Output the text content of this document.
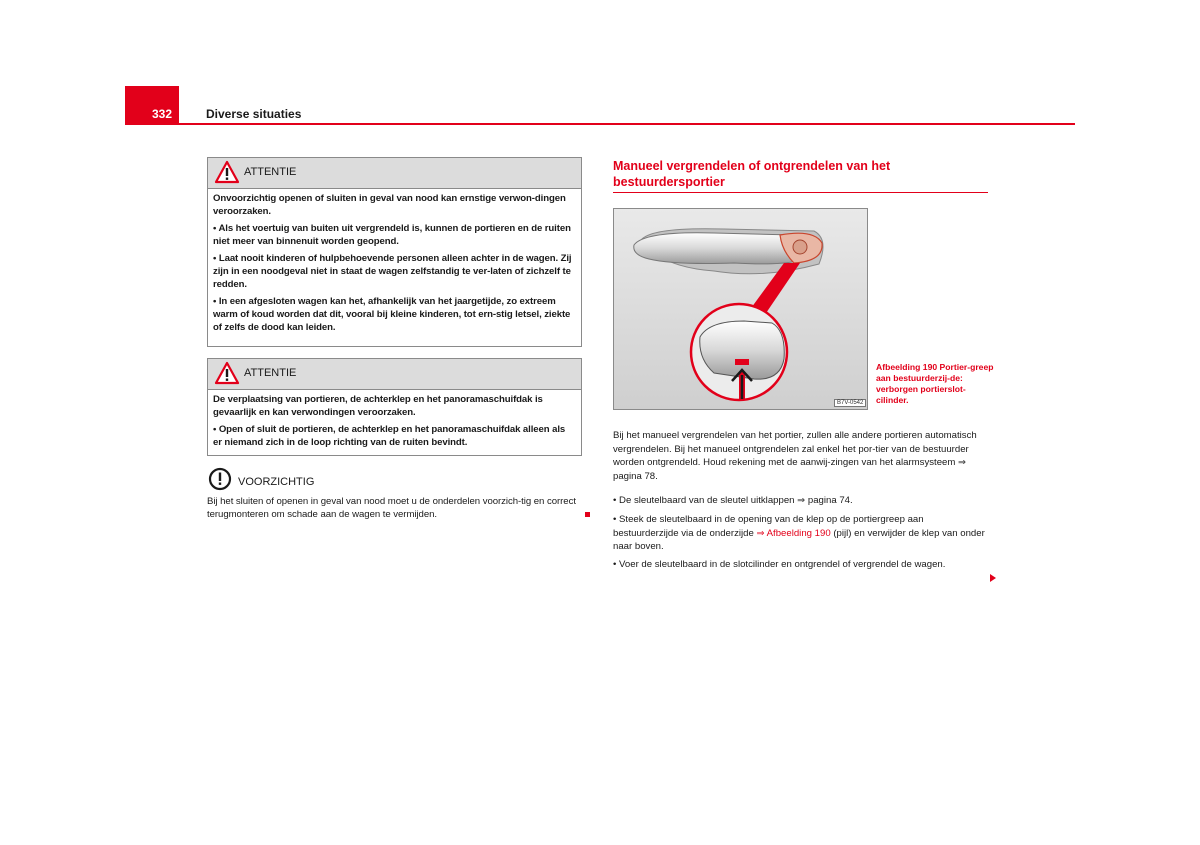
332	Diverse situaties
ATTENTIE

Onvoorzichtig openen of sluiten in geval van nood kan ernstige verwon-dingen veroorzaken.

• Als het voertuig van buiten uit vergrendeld is, kunnen de portieren en de ruiten niet meer van binnenuit worden geopend.

• Laat nooit kinderen of hulpbehoevende personen alleen achter in de wagen. Zij zijn in een noodgeval niet in staat de wagen zelfstandig te ver-laten of zichzelf te redden.

• In een afgesloten wagen kan het, afhankelijk van het jaargetijde, zo extreem warm of koud worden dat dit, vooral bij kleine kinderen, tot ern-stig letsel, ziekte of zelfs de dood kan leiden.

ATTENTIE

De verplaatsing van portieren, de achterklep en het panoramaschuifdak is gevaarlijk en kan verwondingen veroorzaken.

• Open of sluit de portieren, de achterklep en het panoramaschuifdak alleen als er niemand zich in de loop richting van de ruiten bevindt.

VOORZICHTIG
Bij het sluiten of openen in geval van nood moet u de onderdelen voorzich-tig en correct terugmonteren om schade aan de wagen te vermijden.
Manueel vergrendelen of ontgrendelen van het bestuurdersportier
B7V-0542
Afbeelding 190 Portier-greep aan bestuurderzij-de: verborgen portierslot-cilinder.
Bij het manueel vergrendelen van het portier, zullen alle andere portieren automatisch vergrendelen. Bij het manueel ontgrendelen zal enkel het por-tier van de bestuurder worden ontgrendeld. Houd rekening met de aanwij-zingen van het alarmsysteem ⇒ pagina 78.
• De sleutelbaard van de sleutel uitklappen ⇒ pagina 74.
• Steek de sleutelbaard in de opening van de klep op de portiergreep aan bestuurderzijde via de onderzijde ⇒ Afbeelding 190 (pijl) en verwijder de klep van onder naar boven.
• Voer de sleutelbaard in de slotcilinder en ontgrendel of vergrendel de wagen.
